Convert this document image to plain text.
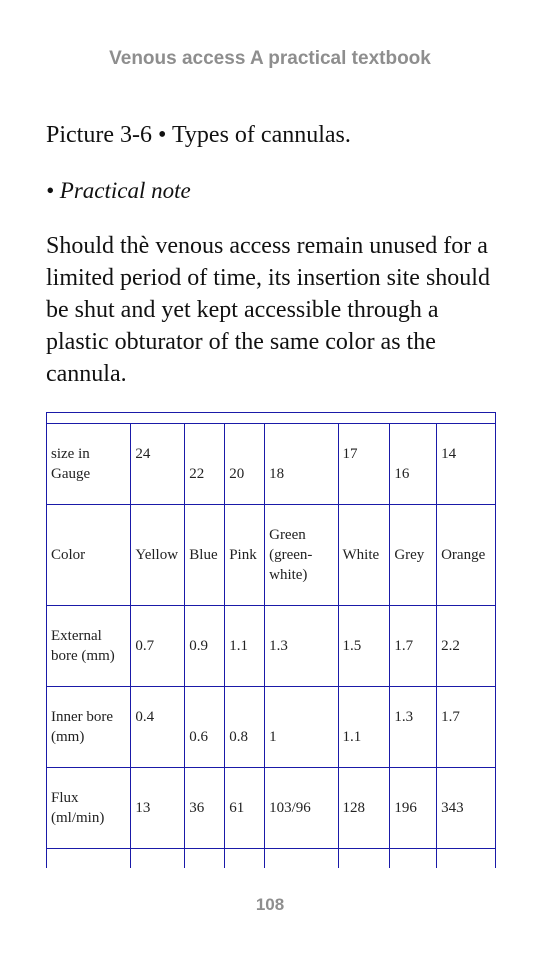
Venous access A practical textbook
Picture 3-6 • Types of cannulas.
• Practical note
Should thè venous access remain unused for a limited period of time, its insertion site should be shut and yet kept accessible through a plastic obturator of the same color as the cannula.

size in Gauge	24	22	20	18	17	16	14
Color	Yellow	Blue	Pink	Green (green-white)	White	Grey	Orange
External bore (mm)	0.7	0.9	1.1	1.3	1.5	1.7	2.2
Inner bore (mm)	0.4	0.6	0.8	1	1.1	1.3	1.7
Flux (ml/min)	13	36	61	103/96	128	196	343

108
